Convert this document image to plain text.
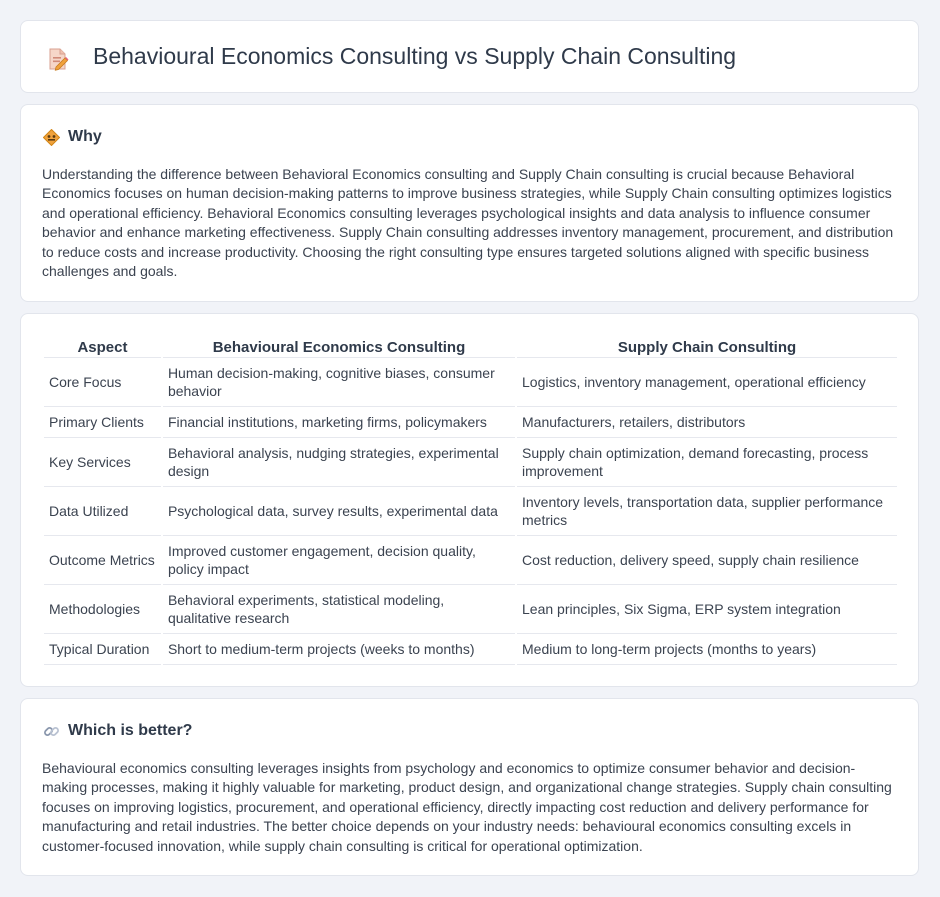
Behavioural Economics Consulting vs Supply Chain Consulting
Why

Understanding the difference between Behavioral Economics consulting and Supply Chain consulting is crucial because Behavioral Economics focuses on human decision-making patterns to improve business strategies, while Supply Chain consulting optimizes logistics and operational efficiency. Behavioral Economics consulting leverages psychological insights and data analysis to influence consumer behavior and enhance marketing effectiveness. Supply Chain consulting addresses inventory management, procurement, and distribution to reduce costs and increase productivity. Choosing the right consulting type ensures targeted solutions aligned with specific business challenges and goals.

Aspect	Behavioural Economics Consulting	Supply Chain Consulting
Core Focus	Human decision-making, cognitive biases, consumer behavior	Logistics, inventory management, operational efficiency
Primary Clients	Financial institutions, marketing firms, policymakers	Manufacturers, retailers, distributors
Key Services	Behavioral analysis, nudging strategies, experimental design	Supply chain optimization, demand forecasting, process improvement
Data Utilized	Psychological data, survey results, experimental data	Inventory levels, transportation data, supplier performance metrics
Outcome Metrics	Improved customer engagement, decision quality, policy impact	Cost reduction, delivery speed, supply chain resilience
Methodologies	Behavioral experiments, statistical modeling, qualitative research	Lean principles, Six Sigma, ERP system integration
Typical Duration	Short to medium-term projects (weeks to months)	Medium to long-term projects (months to years)
Which is better?

Behavioural economics consulting leverages insights from psychology and economics to optimize consumer behavior and decision-making processes, making it highly valuable for marketing, product design, and organizational change strategies. Supply chain consulting focuses on improving logistics, procurement, and operational efficiency, directly impacting cost reduction and delivery performance for manufacturing and retail industries. The better choice depends on your industry needs: behavioural economics consulting excels in customer-focused innovation, while supply chain consulting is critical for operational optimization.
